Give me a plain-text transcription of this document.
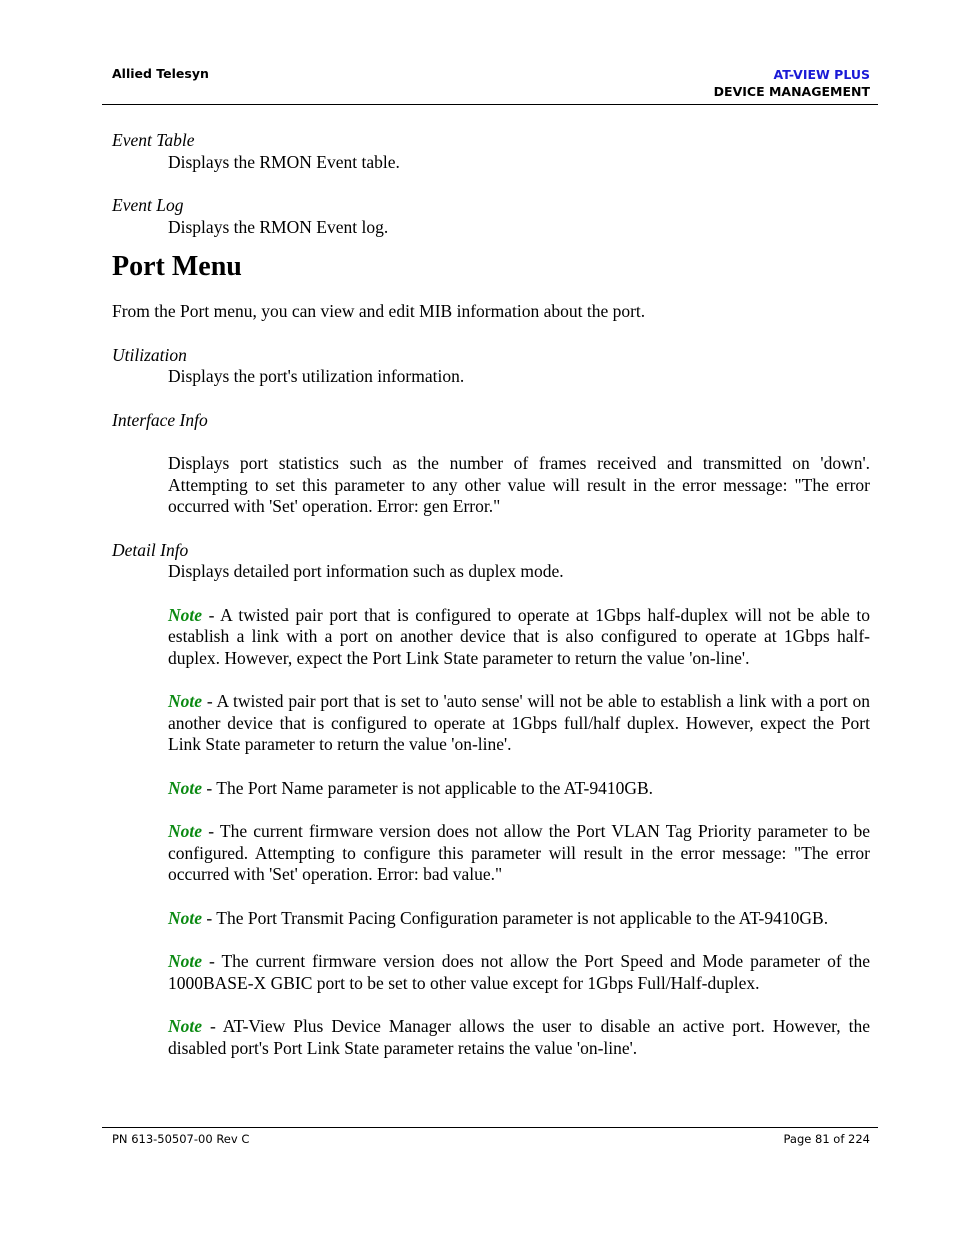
Allied Telesyn	AT-VIEW PLUS
DEVICE MANAGEMENT
Event Table
Displays the RMON Event table.
Event Log
Displays the RMON Event log.
Port Menu

From the Port menu, you can view and edit MIB information about the port.

Utilization
Displays the port's utilization information.
Interface Info
Displays port statistics such as the number of frames received and transmitted on 'down'. Attempting to set this parameter to any other value will result in the error message: "The error occurred with 'Set' operation. Error: gen Error."
Detail Info
Displays detailed port information such as duplex mode.
Note - A twisted pair port that is configured to operate at 1Gbps half-duplex will not be able to establish a link with a port on another device that is also configured to operate at 1Gbps half-duplex. However, expect the Port Link State parameter to return the value 'on-line'.
Note - A twisted pair port that is set to 'auto sense' will not be able to establish a link with a port on another device that is configured to operate at 1Gbps full/half duplex. However, expect the Port Link State parameter to return the value 'on-line'.
Note - The Port Name parameter is not applicable to the AT-9410GB.
Note - The current firmware version does not allow the Port VLAN Tag Priority parameter to be configured. Attempting to configure this parameter will result in the error message: "The error occurred with 'Set' operation. Error: bad value."
Note - The Port Transmit Pacing Configuration parameter is not applicable to the AT-9410GB.
Note - The current firmware version does not allow the Port Speed and Mode parameter of the 1000BASE-X GBIC port to be set to other value except for 1Gbps Full/Half-duplex.
Note - AT-View Plus Device Manager allows the user to disable an active port. However, the disabled port's Port Link State parameter retains the value 'on-line'.
PN 613-50507-00 Rev C	Page 81 of 224
